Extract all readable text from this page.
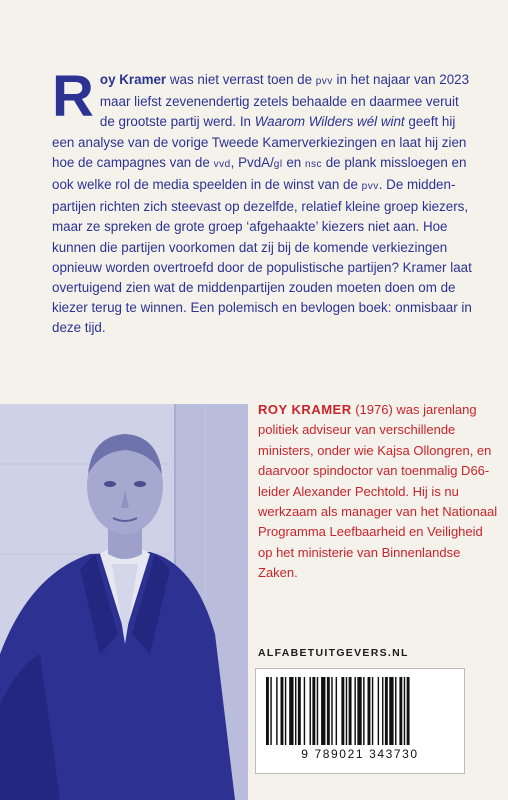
Roy Kramer was niet verrast toen de pvv in het najaar van 2023 maar liefst zevenendertig zetels behaalde en daarmee veruit de grootste partij werd. In Waarom Wilders wél wint geeft hij een analyse van de vorige Tweede Kamerverkiezingen en laat hij zien hoe de campagnes van de vvd, PvdA/gl en nsc de plank missloegen en ook welke rol de media speelden in de winst van de pvv. De middenpartijen richten zich steevast op dezelfde, relatief kleine groep kiezers, maar ze spreken de grote groep ‘afgehaakte’ kiezers niet aan. Hoe kunnen die partijen voorkomen dat zij bij de komende verkiezingen opnieuw worden overtroefd door de populistische partijen? Kramer laat overtuigend zien wat de middenpartijen zouden moeten doen om de kiezer terug te winnen. Een polemisch en bevlogen boek: onmisbaar in deze tijd.
ROY KRAMER (1976) was jarenlang politiek adviseur van verschillende ministers, onder wie Kajsa Ollongren, en daarvoor spindoctor van toenmalig D66-leider Alexander Pechtold. Hij is nu werkzaam als manager van het Nationaal Programma Leefbaarheid en Veiligheid op het ministerie van Binnenlandse Zaken.
ALFABETUITGEVERS.NL
9 789021 343730
